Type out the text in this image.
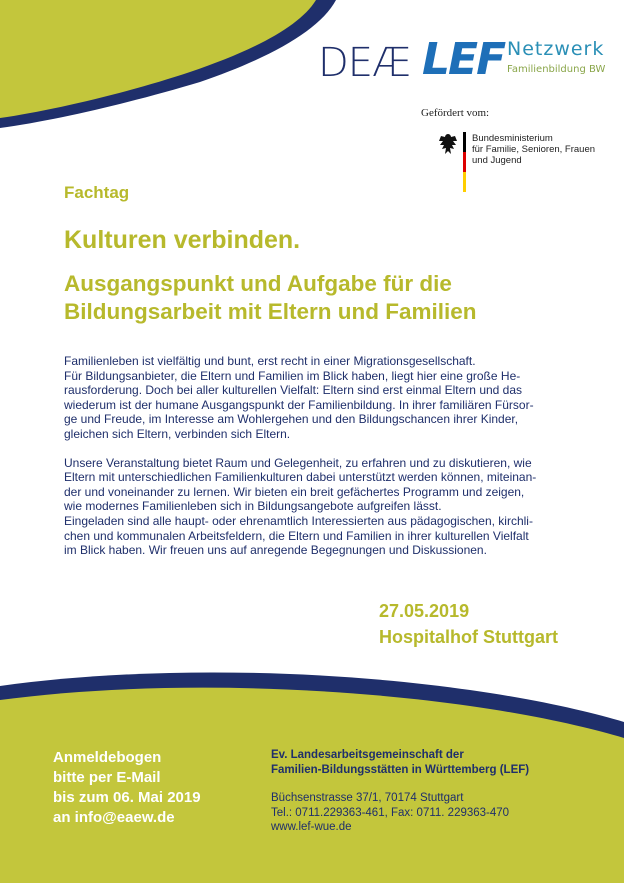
DEÆ LEF Netzwerk
Familienbildung BW
Gefördert vom:
Bundesministerium
für Familie, Senioren, Frauen
und Jugend
Fachtag
Kulturen verbinden.
Ausgangspunkt und Aufgabe für die
Bildungsarbeit mit Eltern und Familien

Familienleben ist vielfältig und bunt, erst recht in einer Migrationsgesellschaft.
Für Bildungsanbieter, die Eltern und Familien im Blick haben, liegt hier eine große He-
rausforderung. Doch bei aller kulturellen Vielfalt: Eltern sind erst einmal Eltern und das
wiederum ist der humane Ausgangspunkt der Familienbildung. In ihrer familiären Fürsor-
ge und Freude, im Interesse am Wohlergehen und den Bildungschancen ihrer Kinder,
gleichen sich Eltern, verbinden sich Eltern.

Unsere Veranstaltung bietet Raum und Gelegenheit, zu erfahren und zu diskutieren, wie
Eltern mit unterschiedlichen Familienkulturen dabei unterstützt werden können, miteinan-
der und voneinander zu lernen. Wir bieten ein breit gefächertes Programm und zeigen,
wie modernes Familienleben sich in Bildungsangebote aufgreifen lässt.
Eingeladen sind alle haupt- oder ehrenamtlich Interessierten aus pädagogischen, kirchli-
chen und kommunalen Arbeitsfeldern, die Eltern und Familien in ihrer kulturellen Vielfalt
im Blick haben. Wir freuen uns auf anregende Begegnungen und Diskussionen.

27.05.2019
Hospitalhof Stuttgart
Anmeldebogen
bitte per E-Mail
bis zum 06. Mai 2019
an info@eaew.de
Ev. Landesarbeitsgemeinschaft der
Familien-Bildungsstätten in Württemberg (LEF)
Büchsenstrasse 37/1, 70174 Stuttgart
Tel.: 0711.229363-461, Fax: 0711. 229363-470
www.lef-wue.de
